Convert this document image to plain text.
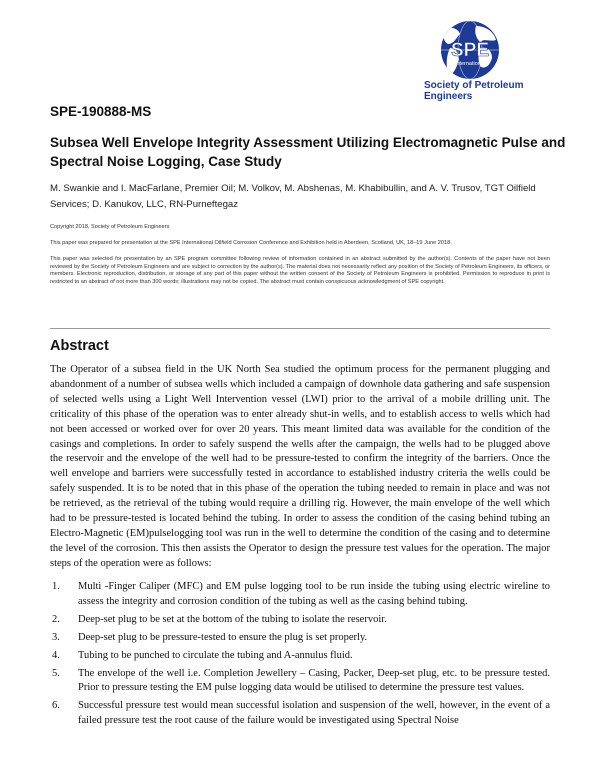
SPE
International
Society of Petroleum Engineers
SPE-190888-MS
Subsea Well Envelope Integrity Assessment Utilizing Electromagnetic Pulse and Spectral Noise Logging, Case Study
M. Swankie and I. MacFarlane, Premier Oil; M. Volkov, M. Abshenas, M. Khabibullin, and A. V. Trusov, TGT Oilfield Services; D. Kanukov, LLC, RN-Purneftegaz
Copyright 2018, Society of Petroleum Engineers
This paper was prepared for presentation at the SPE International Oilfield Corrosion Conference and Exhibition held in Aberdeen, Scotland, UK, 18–19 June 2018.
This paper was selected for presentation by an SPE program committee following review of information contained in an abstract submitted by the author(s). Contents of the paper have not been reviewed by the Society of Petroleum Engineers and are subject to correction by the author(s). The material does not necessarily reflect any position of the Society of Petroleum Engineers, its officers, or members. Electronic reproduction, distribution, or storage of any part of this paper without the written consent of the Society of Petroleum Engineers is prohibited. Permission to reproduce in print is restricted to an abstract of not more than 300 words; illustrations may not be copied. The abstract must contain conspicuous acknowledgment of SPE copyright.
Abstract
The Operator of a subsea field in the UK North Sea studied the optimum process for the permanent plugging and abandonment of a number of subsea wells which included a campaign of downhole data gathering and safe suspension of selected wells using a Light Well Intervention vessel (LWI) prior to the arrival of a mobile drilling unit. The criticality of this phase of the operation was to enter already shut-in wells, and to establish access to wells which had not been accessed or worked over for over 20 years. This meant limited data was available for the condition of the casings and completions. In order to safely suspend the wells after the campaign, the wells had to be plugged above the reservoir and the envelope of the well had to be pressure-tested to confirm the integrity of the barriers. Once the well envelope and barriers were successfully tested in accordance to established industry criteria the wells could be safely suspended. It is to be noted that in this phase of the operation the tubing needed to remain in place and was not be retrieved, as the retrieval of the tubing would require a drilling rig. However, the main envelope of the well which had to be pressure-tested is located behind the tubing. In order to assess the condition of the casing behind tubing an Electro-Magnetic (EM)pulselogging tool was run in the well to determine the condition of the casing and to determine the level of the corrosion. This then assists the Operator to design the pressure test values for the operation. The major steps of the operation were as follows:
1. Multi -Finger Caliper (MFC) and EM pulse logging tool to be run inside the tubing using electric wireline to assess the integrity and corrosion condition of the tubing as well as the casing behind tubing.
2. Deep-set plug to be set at the bottom of the tubing to isolate the reservoir.
3. Deep-set plug to be pressure-tested to ensure the plug is set properly.
4. Tubing to be punched to circulate the tubing and A-annulus fluid.
5. The envelope of the well i.e. Completion Jewellery – Casing, Packer, Deep-set plug, etc. to be pressure tested. Prior to pressure testing the EM pulse logging data would be utilised to determine the pressure test values.
6. Successful pressure test would mean successful isolation and suspension of the well, however, in the event of a failed pressure test the root cause of the failure would be investigated using Spectral Noise
